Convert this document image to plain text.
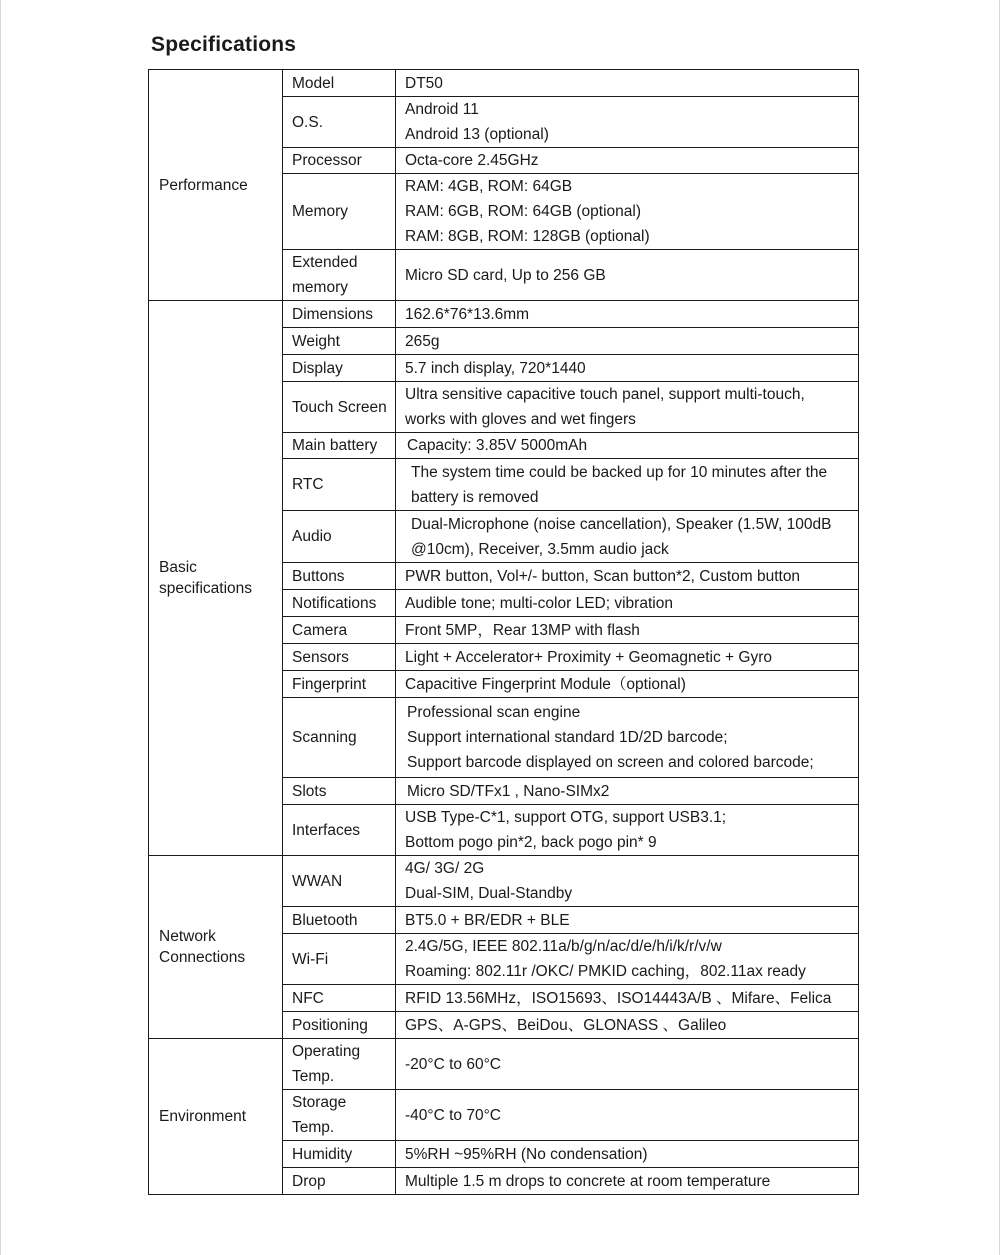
Specifications
Performance	Model	DT50

	O.S.	Android 11
Android 13 (optional)

	Processor	Octa-core 2.45GHz

	Memory	RAM: 4GB, ROM: 64GB
RAM: 6GB, ROM: 64GB (optional)
RAM: 8GB, ROM: 128GB (optional)

	Extended
memory	Micro SD card, Up to 256 GB

Basic
specifications	Dimensions	162.6*76*13.6mm

	Weight	265g

	Display	5.7 inch display, 720*1440

	Touch Screen	Ultra sensitive capacitive touch panel, support multi-touch,
works with gloves and wet fingers

	Main battery	Capacity: 3.85V 5000mAh

	RTC	The system time could be backed up for 10 minutes after the
battery is removed

	Audio	Dual-Microphone (noise cancellation), Speaker (1.5W, 100dB
@10cm), Receiver, 3.5mm audio jack

	Buttons	PWR button, Vol+/- button, Scan button*2, Custom button

	Notifications	Audible tone; multi-color LED; vibration

	Camera	Front 5MP，Rear 13MP with flash

	Sensors	Light + Accelerator+ Proximity + Geomagnetic + Gyro

	Fingerprint	Capacitive Fingerprint Module（optional)

	Scanning	Professional scan engine
Support international standard 1D/2D barcode;
Support barcode displayed on screen and colored barcode;

	Slots	Micro SD/TFx1 , Nano-SIMx2

	Interfaces	USB Type-C*1, support OTG, support USB3.1;
Bottom pogo pin*2, back pogo pin* 9

Network
Connections	WWAN	4G/ 3G/ 2G
Dual-SIM, Dual-Standby

	Bluetooth	BT5.0 + BR/EDR + BLE

	Wi-Fi	2.4G/5G, IEEE 802.11a/b/g/n/ac/d/e/h/i/k/r/v/w
Roaming: 802.11r /OKC/ PMKID caching，802.11ax ready

	NFC	RFID 13.56MHz，ISO15693、ISO14443A/B 、Mifare、Felica

	Positioning	GPS、A-GPS、BeiDou、GLONASS 、Galileo

Environment	Operating
Temp.	-20°C to 60°C

	Storage
Temp.	-40°C to 70°C

	Humidity	5%RH ~95%RH (No condensation)

	Drop	Multiple 1.5 m drops to concrete at room temperature
